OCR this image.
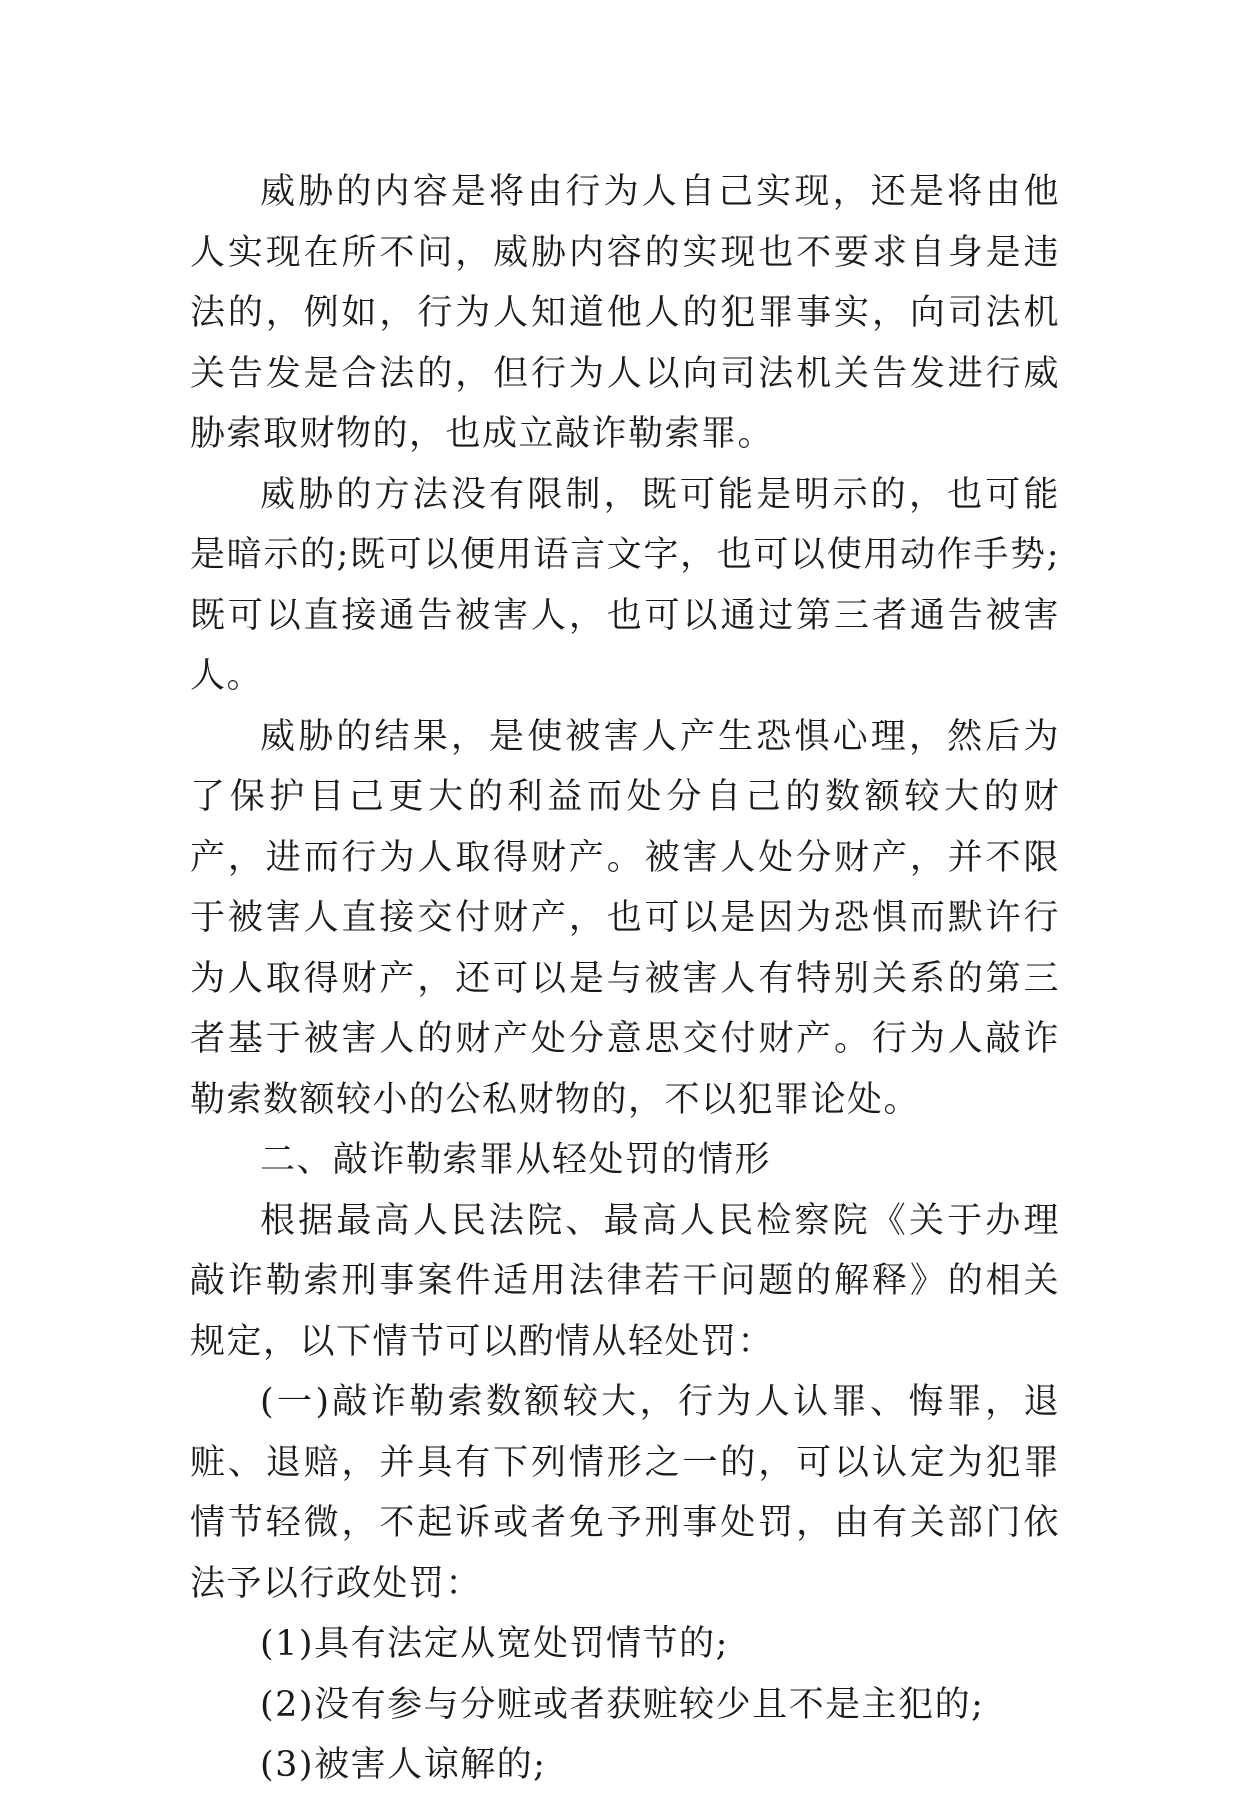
威胁的内容是将由行为人自己实现，还是将由他人实现在所不问，威胁内容的实现也不要求自身是违法的，例如，行为人知道他人的犯罪事实，向司法机关告发是合法的，但行为人以向司法机关告发进行威胁索取财物的，也成立敲诈勒索罪。

威胁的方法没有限制，既可能是明示的，也可能是暗示的;既可以便用语言文字，也可以使用动作手势;既可以直接通告被害人，也可以通过第三者通告被害人。

威胁的结果，是使被害人产生恐惧心理，然后为了保护目己更大的利益而处分自己的数额较大的财产，进而行为人取得财产。被害人处分财产，并不限于被害人直接交付财产，也可以是因为恐惧而默许行为人取得财产，还可以是与被害人有特别关系的第三者基于被害人的财产处分意思交付财产。行为人敲诈勒索数额较小的公私财物的，不以犯罪论处。

二、敲诈勒索罪从轻处罚的情形

根据最高人民法院、最高人民检察院《关于办理敲诈勒索刑事案件适用法律若干问题的解释》的相关规定，以下情节可以酌情从轻处罚：

(一)敲诈勒索数额较大，行为人认罪、悔罪，退赃、退赔，并具有下列情形之一的，可以认定为犯罪情节轻微，不起诉或者免予刑事处罚，由有关部门依法予以行政处罚：

(1)具有法定从宽处罚情节的;

(2)没有参与分赃或者获赃较少且不是主犯的;

(3)被害人谅解的;
